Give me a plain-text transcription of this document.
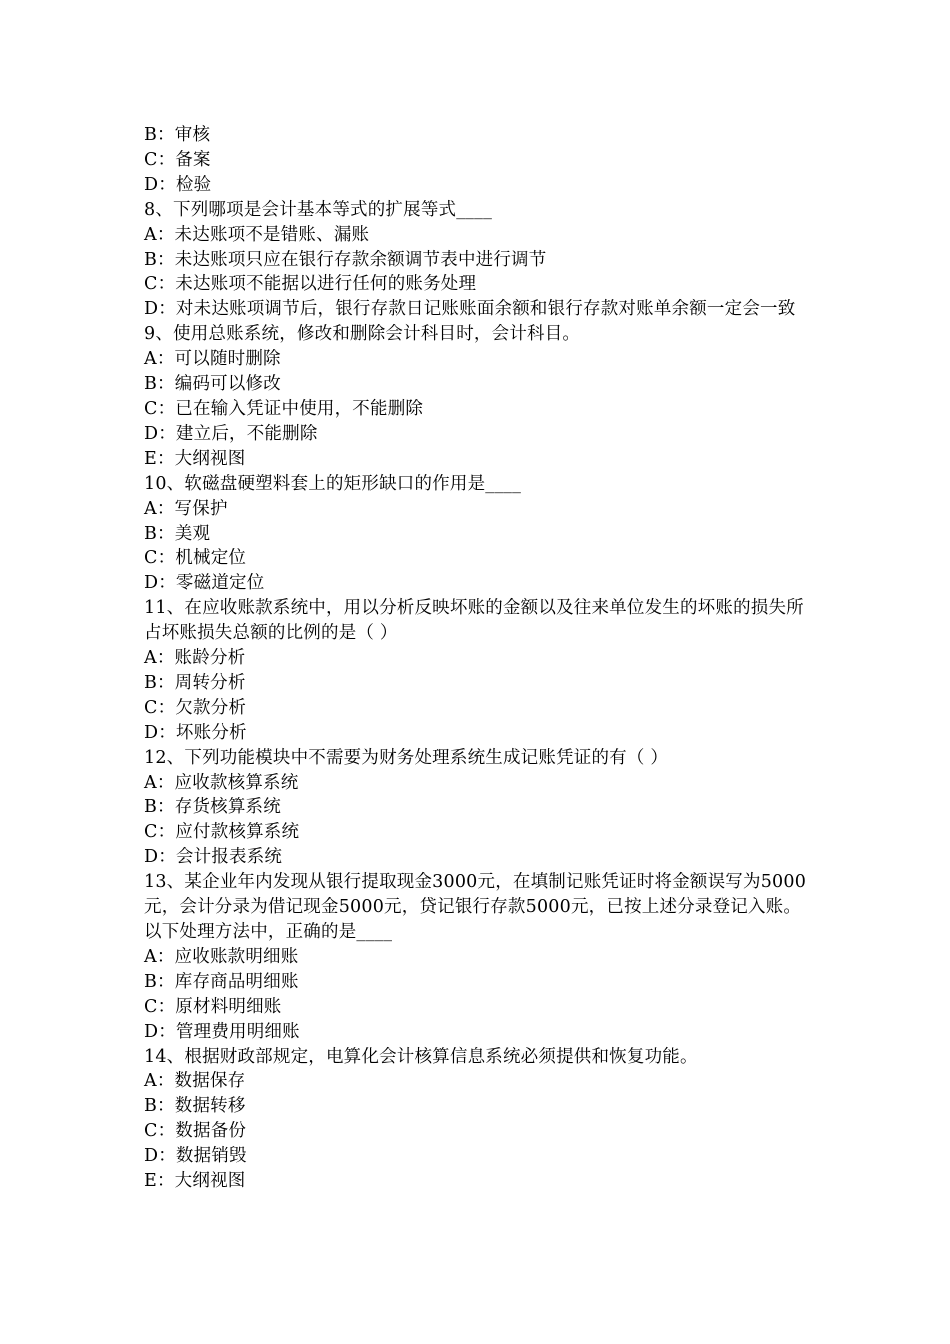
B：审核
C：备案
D：检验
8、下列哪项是会计基本等式的扩展等式____
A：未达账项不是错账、漏账
B：未达账项只应在银行存款余额调节表中进行调节
C：未达账项不能据以进行任何的账务处理
D：对未达账项调节后，银行存款日记账账面余额和银行存款对账单余额一定会一致
9、使用总账系统，修改和删除会计科目时，会计科目。
A：可以随时删除
B：编码可以修改
C：已在输入凭证中使用，不能删除
D：建立后，不能删除
E：大纲视图
10、软磁盘硬塑料套上的矩形缺口的作用是____
A：写保护
B：美观
C：机械定位
D：零磁道定位
11、在应收账款系统中，用以分析反映坏账的金额以及往来单位发生的坏账的损失所占坏账损失总额的比例的是（ ）
A：账龄分析
B：周转分析
C：欠款分析
D：坏账分析
12、下列功能模块中不需要为财务处理系统生成记账凭证的有（ ）
A：应收款核算系统
B：存货核算系统
C：应付款核算系统
D：会计报表系统
13、某企业年内发现从银行提取现金3000元，在填制记账凭证时将金额误写为5000元，会计分录为借记现金5000元，贷记银行存款5000元，已按上述分录登记入账。以下处理方法中，正确的是____
A：应收账款明细账
B：库存商品明细账
C：原材料明细账
D：管理费用明细账
14、根据财政部规定，电算化会计核算信息系统必须提供和恢复功能。
A：数据保存
B：数据转移
C：数据备份
D：数据销毁
E：大纲视图
